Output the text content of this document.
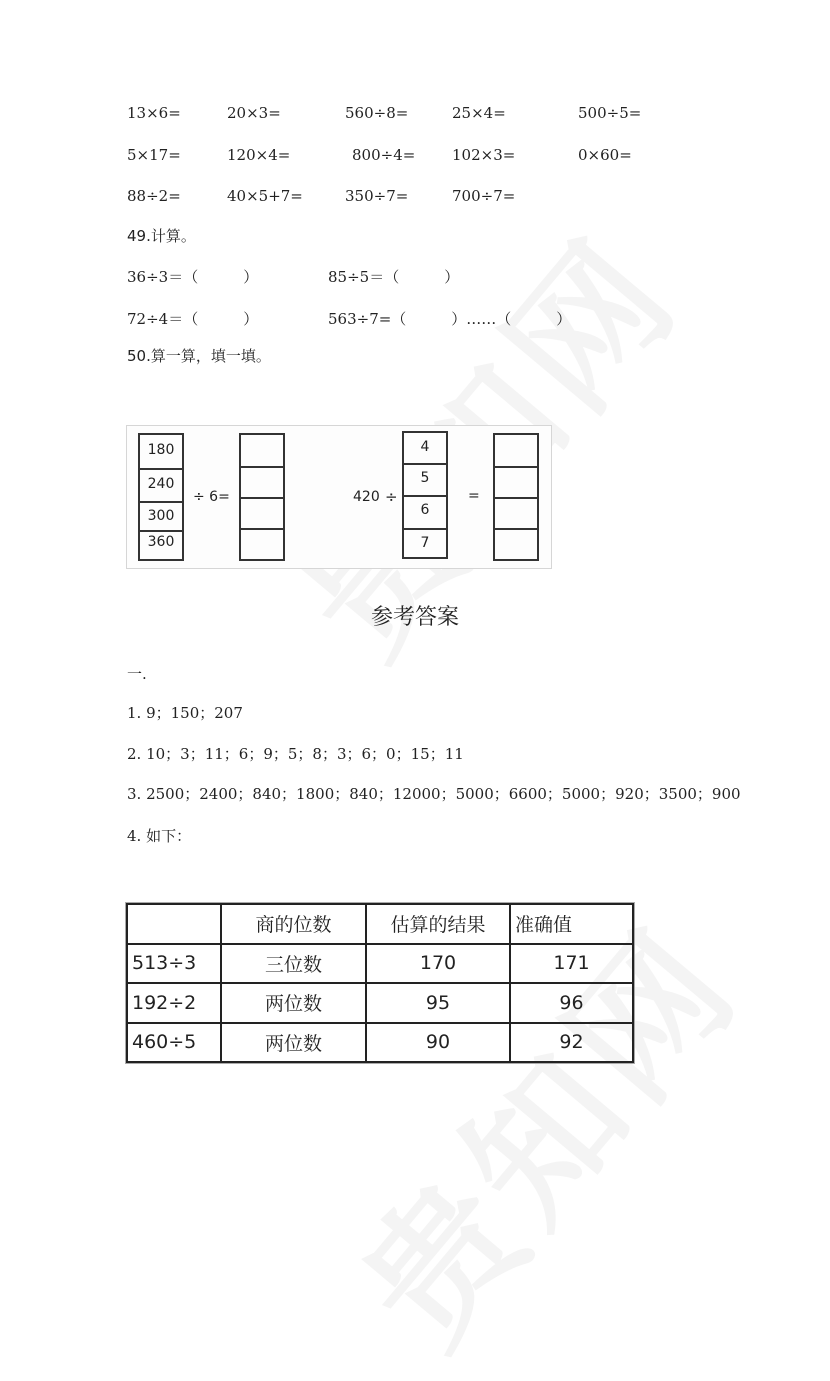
13×6=	20×3=	560÷8=	25×4=	500÷5=
5×17=	120×4=	800÷4= 102×3=	0×60=
88÷2=	40×5+7=	350÷7=	700÷7=
49.计算。
36÷3＝（　　　）	85÷5＝（　　　）
72÷4＝（　　　）	563÷7=（　　　）……（　　　）
50.算一算，填一填。
180
240
300
360
÷ 6=	420 ÷
4
5
6
7
=
参考答案
一.
1. 9；150；207
2. 10；3；11；6；9；5；8；3；6；0；15；11
3. 2500；2400；840；1800；840；12000；5000；6600；5000；920；3500；900
4. 如下：
	商的位数	估算的结果	准确值
513÷3	三位数	170	171
192÷2	两位数	95	96
460÷5	两位数	90	92
